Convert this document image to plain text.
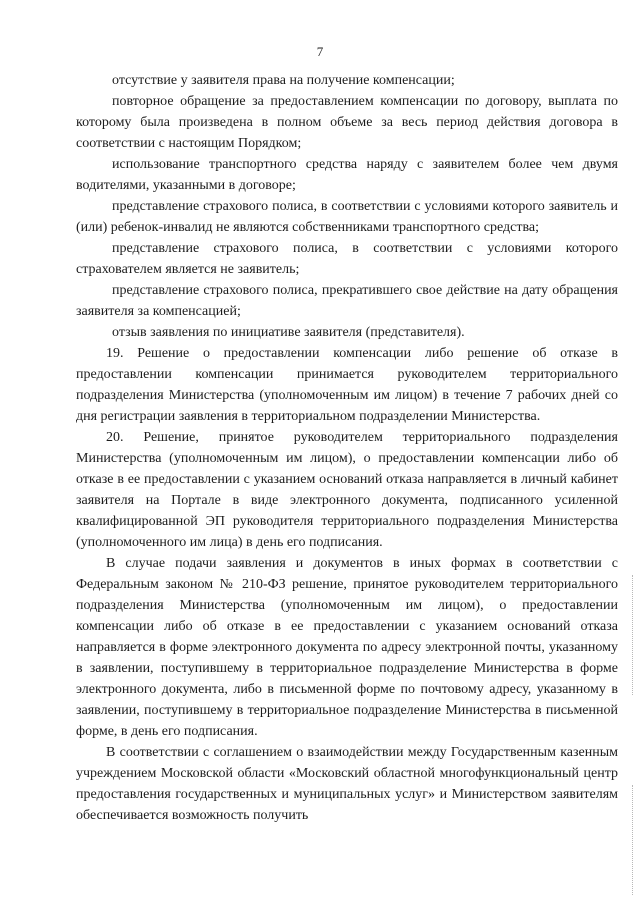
7

отсутствие у заявителя права на получение компенсации;

повторное обращение за предоставлением компенсации по договору, выплата по которому была произведена в полном объеме за весь период действия договора в соответствии с настоящим Порядком;

использование транспортного средства наряду с заявителем более чем двумя водителями, указанными в договоре;

представление страхового полиса, в соответствии с условиями которого заявитель и (или) ребенок-инвалид не являются собственниками транспортного средства;

представление страхового полиса, в соответствии с условиями которого страхователем является не заявитель;

представление страхового полиса, прекратившего свое действие на дату обращения заявителя за компенсацией;

отзыв заявления по инициативе заявителя (представителя).

19. Решение о предоставлении компенсации либо решение об отказе в предоставлении компенсации принимается руководителем территориального подразделения Министерства (уполномоченным им лицом) в течение 7 рабочих дней со дня регистрации заявления в территориальном подразделении Министерства.

20. Решение, принятое руководителем территориального подразделения Министерства (уполномоченным им лицом), о предоставлении компенсации либо об отказе в ее предоставлении с указанием оснований отказа направляется в личный кабинет заявителя на Портале в виде электронного документа, подписанного усиленной квалифицированной ЭП руководителя территориального подразделения Министерства (уполномоченного им лица) в день его подписания.

В случае подачи заявления и документов в иных формах в соответствии с Федеральным законом № 210-ФЗ решение, принятое руководителем территориального подразделения Министерства (уполномоченным им лицом), о предоставлении компенсации либо об отказе в ее предоставлении с указанием оснований отказа направляется в форме электронного документа по адресу электронной почты, указанному в заявлении, поступившему в территориальное подразделение Министерства в форме электронного документа, либо в письменной форме по почтовому адресу, указанному в заявлении, поступившему в территориальное подразделение Министерства в письменной форме, в день его подписания.

В соответствии с соглашением о взаимодействии между Государственным казенным учреждением Московской области «Московский областной многофункциональный центр предоставления государственных и муниципальных услуг» и Министерством заявителям обеспечивается возможность получить
